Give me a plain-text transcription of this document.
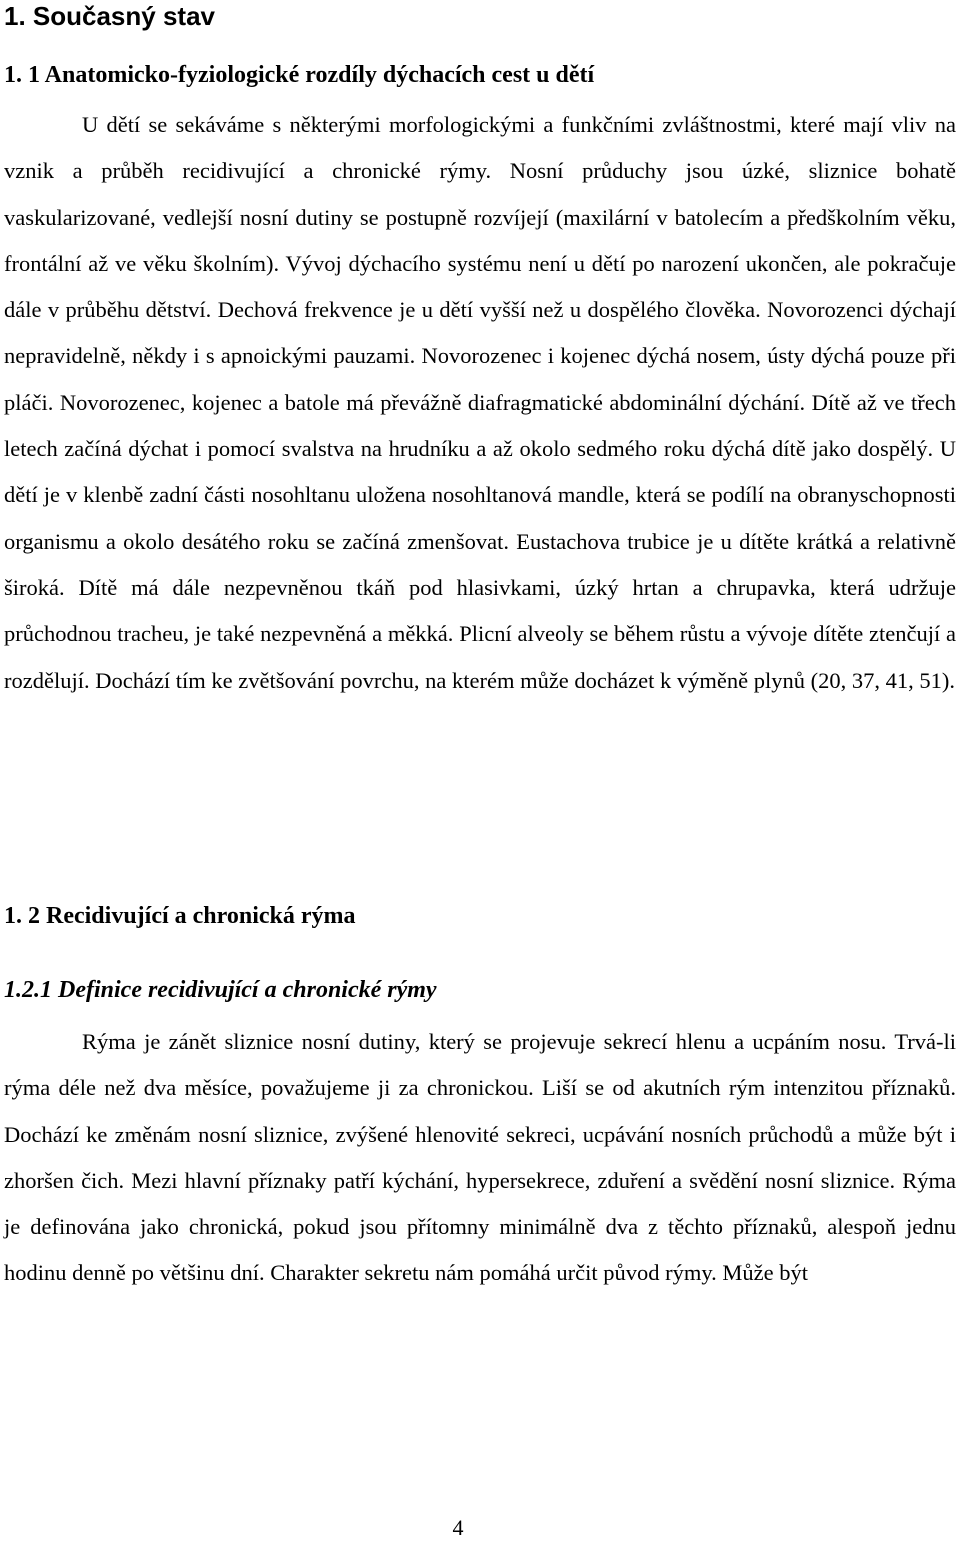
1. Současný stav
1. 1 Anatomicko-fyziologické rozdíly dýchacích cest u dětí

U dětí se sekáváme s některými morfologickými a funkčními zvláštnostmi, které mají vliv na vznik a průběh recidivující a chronické rýmy. Nosní průduchy jsou úzké, sliznice bohatě vaskularizované, vedlejší nosní dutiny se postupně rozvíjejí (maxilární v batolecím a předškolním věku, frontální až ve věku školním). Vývoj dýchacího systému není u dětí po narození ukončen, ale pokračuje dále v průběhu dětství. Dechová frekvence je u dětí vyšší než u dospělého člověka. Novorozenci dýchají nepravidelně, někdy i s apnoickými pauzami. Novorozenec i kojenec dýchá nosem, ústy dýchá pouze při pláči. Novorozenec, kojenec a batole má převážně diafragmatické abdominální dýchání. Dítě až ve třech letech začíná dýchat i pomocí svalstva na hrudníku a až okolo sedmého roku dýchá dítě jako dospělý. U dětí je v klenbě zadní části nosohltanu uložena nosohltanová mandle, která se podílí na obranyschopnosti organismu a okolo desátého roku se začíná zmenšovat. Eustachova trubice je u dítěte krátká a relativně široká. Dítě má dále nezpevněnou tkáň pod hlasivkami, úzký hrtan a chrupavka, která udržuje průchodnou tracheu, je také nezpevněná a měkká. Plicní alveoly se během růstu a vývoje dítěte ztenčují a rozdělují. Dochází tím ke zvětšování povrchu, na kterém může docházet k výměně plynů (20, 37, 41, 51).

1. 2 Recidivující a chronická rýma
1.2.1 Definice recidivující a chronické rýmy

Rýma je zánět sliznice nosní dutiny, který se projevuje sekrecí hlenu a ucpáním nosu. Trvá-li rýma déle než dva měsíce, považujeme ji za chronickou. Liší se od akutních rým intenzitou příznaků. Dochází ke změnám nosní sliznice, zvýšené hlenovité sekreci, ucpávání nosních průchodů a může být i zhoršen čich. Mezi hlavní příznaky patří kýchání, hypersekrece, zduření a svědění nosní sliznice. Rýma je definována jako chronická, pokud jsou přítomny minimálně dva z těchto příznaků, alespoň jednu hodinu denně po většinu dní. Charakter sekretu nám pomáhá určit původ rýmy. Může být

4
